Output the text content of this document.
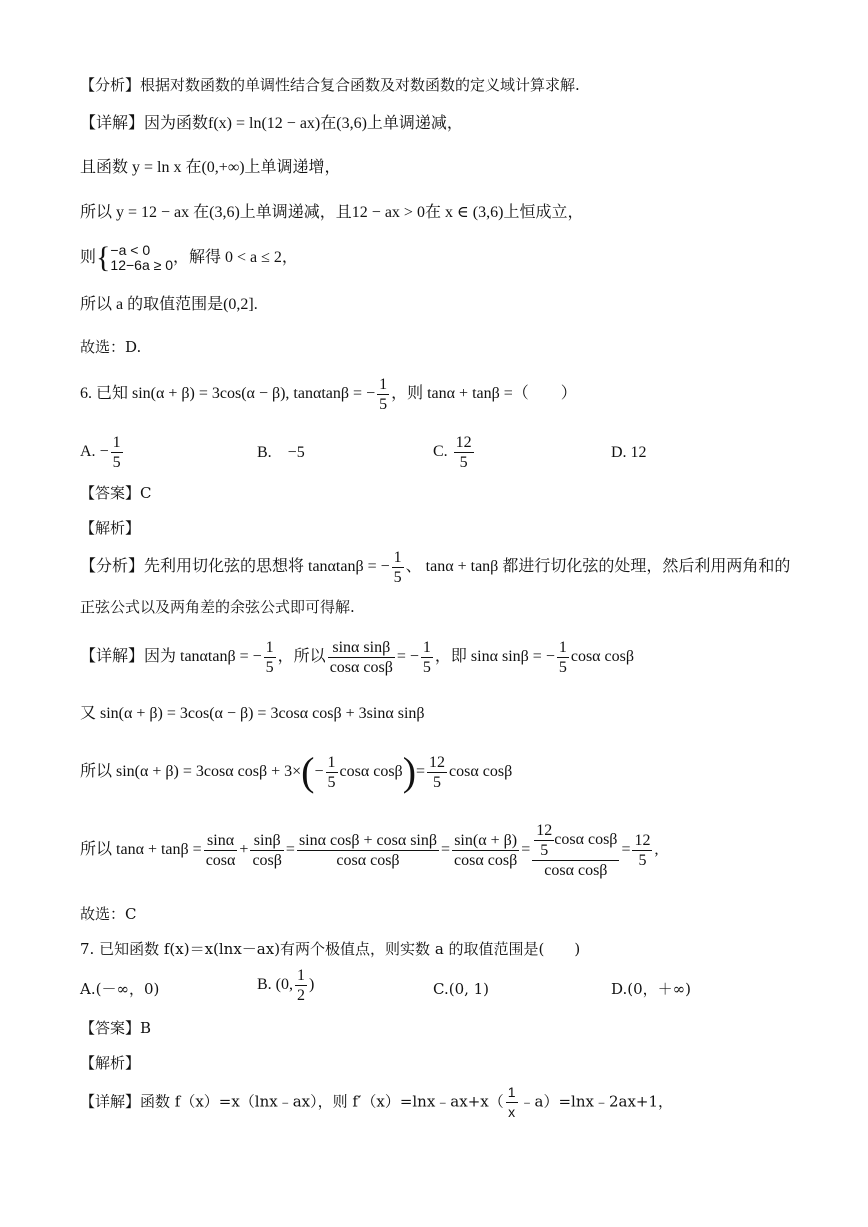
【分析】根据对数函数的单调性结合复合函数及对数函数的定义域计算求解.
【详解】因为函数f(x) = ln(12 − ax)在(3,6)上单调递减，
且函数 y = ln x 在(0,+∞)上单调递增，
所以 y = 12 − ax 在(3,6)上单调递减，且12 − ax > 0在 x ∈ (3,6)上恒成立，
则{ −a < 0
12−6a ≥ 0 ，解得 0 < a ≤ 2，
所以 a 的取值范围是(0,2].
故选：D.
6. 已知 sin(α + β) = 3cos(α − β), tanαtanβ = − $\frac{1}{5}$ ，则 tanα + tanβ =（　　）
A. − $\frac{1}{5}$	B.　−5	C. $\frac{12}{5}$	D. 12
【答案】C
【解析】
【分析】先利用切化弦的思想将 tanαtanβ = − $\frac{1}{5}$ 、 tanα + tanβ 都进行切化弦的处理，然后利用两角和的
正弦公式以及两角差的余弦公式即可得解.
【详解】因为 tanαtanβ = − $\frac{1}{5}$ ，所以 $\frac{\text{sinα sinβ}}{\text{cosα cosβ}}$ = − $\frac{1}{5}$ ，即 sinα sinβ = − $\frac{1}{5}$ cosα cosβ
又 sin(α + β) = 3cos(α − β) = 3cosα cosβ + 3sinα sinβ
所以 sin(α + β) = 3cosα $\cos\beta + 3\times(- \frac{1}{5}$ cosα $\cos\beta)= \frac{12}{5}$ cosα cosβ
所以 $\tan\alpha + \tan\beta = \frac{\sin\alpha}{\cos\alpha} + \frac{\sin\beta}{\cos\beta} = \frac{\text{sinα cosβ + cosα sinβ}}{\text{cosα cosβ}} = \frac{\sin(\alpha + \beta)}{\text{cosα cosβ}} = \frac{\frac{12}{5} \cos\alpha \cos\beta}{\text{cosα cosβ}} = \frac{12}{5}$ ,
故选：C
7. 已知函数 f(x)＝x(lnx－ax)有两个极值点，则实数 a 的取值范围是(　　)
A.(－∞，0)	B. (0, $\frac{1}{2}$ )	C.(0, 1)	D.(0，＋∞)
【答案】B
【解析】
【详解】函数 f（x）=x（lnx﹣ax），则 f′（x）=lnx﹣ax+x（ $\frac{1}{x}$ ﹣a）=lnx﹣2ax+1，
